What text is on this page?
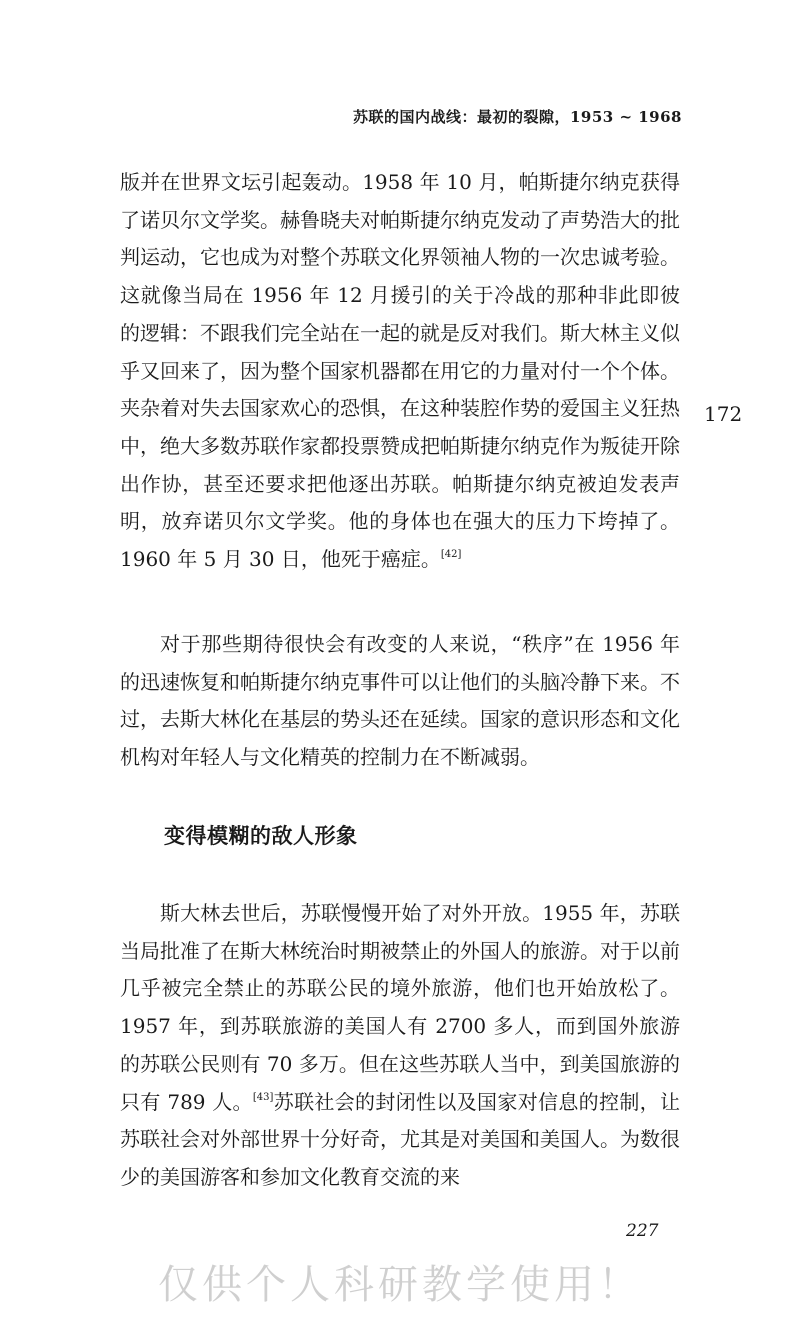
苏联的国内战线：最初的裂隙，1953 ~ 1968

版并在世界文坛引起轰动。1958 年 10 月，帕斯捷尔纳克获得了诺贝尔文学奖。赫鲁晓夫对帕斯捷尔纳克发动了声势浩大的批判运动，它也成为对整个苏联文化界领袖人物的一次忠诚考验。这就像当局在 1956 年 12 月援引的关于冷战的那种非此即彼的逻辑：不跟我们完全站在一起的就是反对我们。斯大林主义似乎又回来了，因为整个国家机器都在用它的力量对付一个个体。夹杂着对失去国家欢心的恐惧，在这种装腔作势的爱国主义狂热中，绝大多数苏联作家都投票赞成把帕斯捷尔纳克作为叛徒开除出作协，甚至还要求把他逐出苏联。帕斯捷尔纳克被迫发表声明，放弃诺贝尔文学奖。他的身体也在强大的压力下垮掉了。1960 年 5 月 30 日，他死于癌症。[42]

172

对于那些期待很快会有改变的人来说，“秩序”在 1956 年的迅速恢复和帕斯捷尔纳克事件可以让他们的头脑冷静下来。不过，去斯大林化在基层的势头还在延续。国家的意识形态和文化机构对年轻人与文化精英的控制力在不断减弱。

变得模糊的敌人形象

斯大林去世后，苏联慢慢开始了对外开放。1955 年，苏联当局批准了在斯大林统治时期被禁止的外国人的旅游。对于以前几乎被完全禁止的苏联公民的境外旅游，他们也开始放松了。1957 年，到苏联旅游的美国人有 2700 多人，而到国外旅游的苏联公民则有 70 多万。但在这些苏联人当中，到美国旅游的只有 789 人。[43]苏联社会的封闭性以及国家对信息的控制，让苏联社会对外部世界十分好奇，尤其是对美国和美国人。为数很少的美国游客和参加文化教育交流的来

227
仅供个人科研教学使用！
